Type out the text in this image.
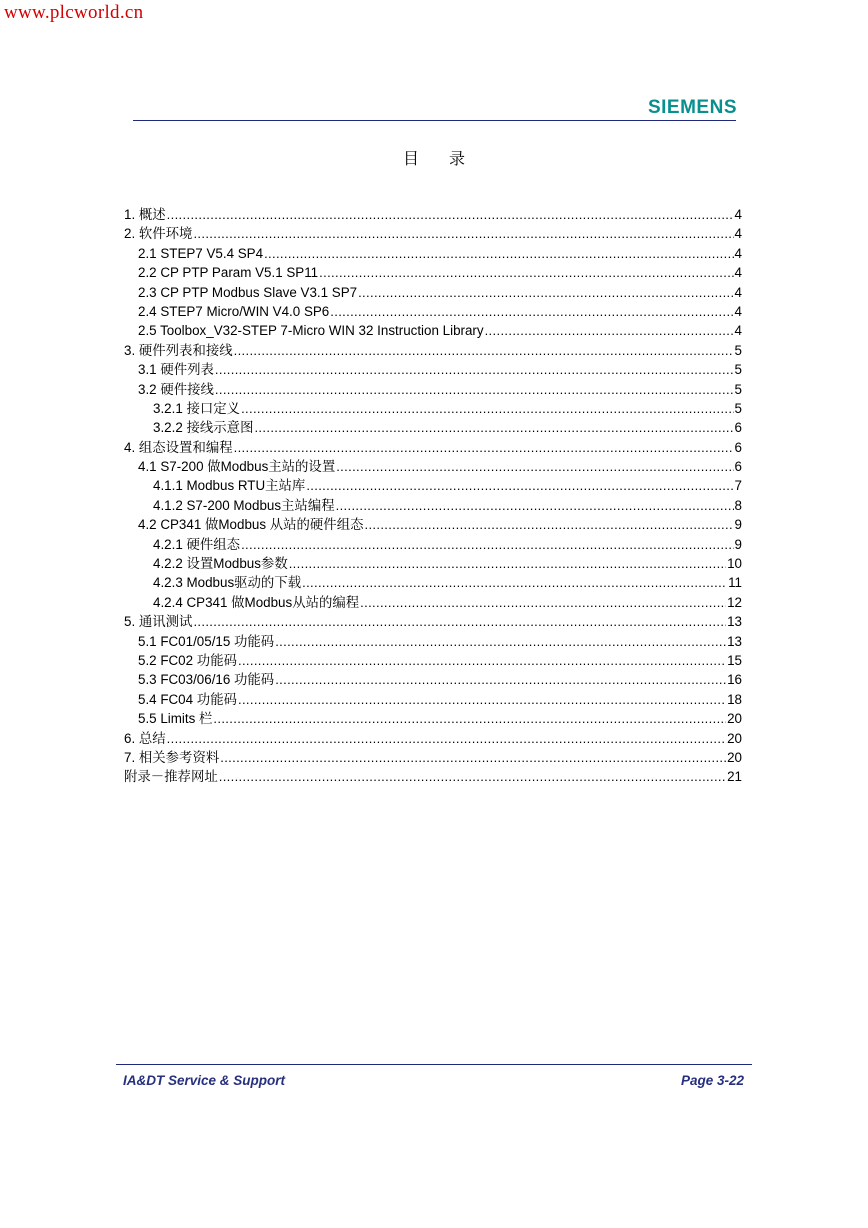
www.plcworld.cn
SIEMENS
目录
1. 概述 .....	4
2. 软件环境 .....	4
2.1 STEP7 V5.4 SP4 .....	4
2.2 CP PTP Param V5.1 SP11 .....	4
2.3 CP PTP Modbus Slave V3.1 SP7 .....	4
2.4 STEP7 Micro/WIN V4.0 SP6 .....	4
2.5 Toolbox_V32-STEP 7-Micro WIN 32 Instruction Library .....	4
3. 硬件列表和接线 .....	5
3.1 硬件列表 .....	5
3.2 硬件接线 .....	5
3.2.1 接口定义 .....	5
3.2.2 接线示意图 .....	6
4. 组态设置和编程 .....	6
4.1 S7-200 做Modbus主站的设置 .....	6
4.1.1 Modbus RTU主站库 .....	7
4.1.2 S7-200 Modbus主站编程 .....	8
4.2 CP341 做Modbus 从站的硬件组态 .....	9
4.2.1 硬件组态 .....	9
4.2.2 设置Modbus参数 .....	10
4.2.3 Modbus驱动的下载 .....	11
4.2.4 CP341 做Modbus从站的编程 .....	12
5. 通讯测试 .....	13
5.1 FC01/05/15 功能码 .....	13
5.2 FC02 功能码 .....	15
5.3 FC03/06/16 功能码 .....	16
5.4 FC04 功能码 .....	18
5.5 Limits 栏 .....	20
6. 总结 .....	20
7. 相关参考资料 .....	20
附录－推荐网址 .....	21
IA&DT Service & Support	Page 3-22
